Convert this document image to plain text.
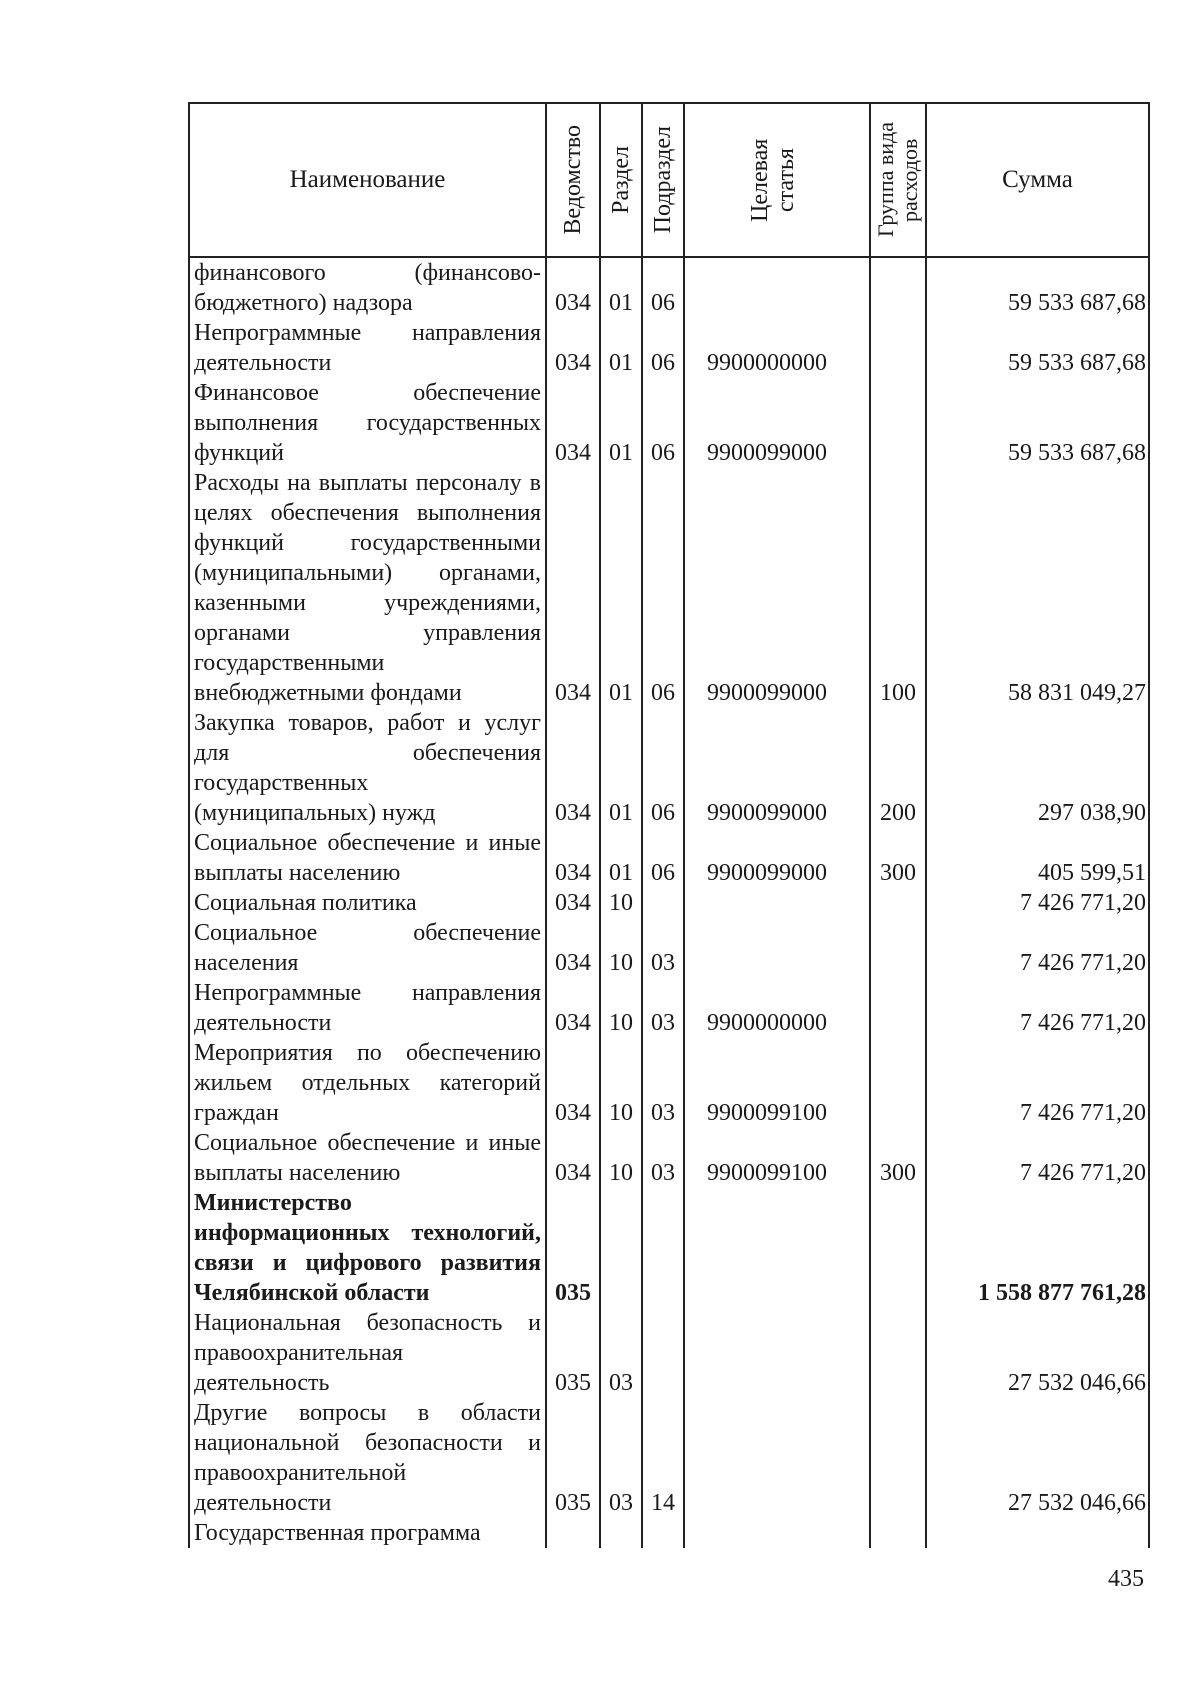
Наименование	Ведомство	Раздел	Подраздел	Целевая статья	Группа вида расходов	Сумма
финансового (финансово-бюджетного) надзора	034	01	06			59 533 687,68
Непрограммные направления деятельности	034	01	06	9900000000		59 533 687,68
Финансовое обеспечение выполнения государственных функций	034	01	06	9900099000		59 533 687,68
Расходы на выплаты персоналу в целях обеспечения выполнения функций государственными (муниципальными) органами, казенными учреждениями, органами управления государственными внебюджетными фондами	034	01	06	9900099000	100	58 831 049,27
Закупка товаров, работ и услуг для обеспечения государственных (муниципальных) нужд	034	01	06	9900099000	200	297 038,90
Социальное обеспечение и иные выплаты населению	034	01	06	9900099000	300	405 599,51
Социальная политика	034	10				7 426 771,20
Социальное обеспечение населения	034	10	03			7 426 771,20
Непрограммные направления деятельности	034	10	03	9900000000		7 426 771,20
Мероприятия по обеспечению жильем отдельных категорий граждан	034	10	03	9900099100		7 426 771,20
Социальное обеспечение и иные выплаты населению	034	10	03	9900099100	300	7 426 771,20
Министерство информационных технологий, связи и цифрового развития Челябинской области	035					1 558 877 761,28
Национальная безопасность и правоохранительная деятельность	035	03				27 532 046,66
Другие вопросы в области национальной безопасности и правоохранительной деятельности	035	03	14			27 532 046,66
Государственная программа						
435
